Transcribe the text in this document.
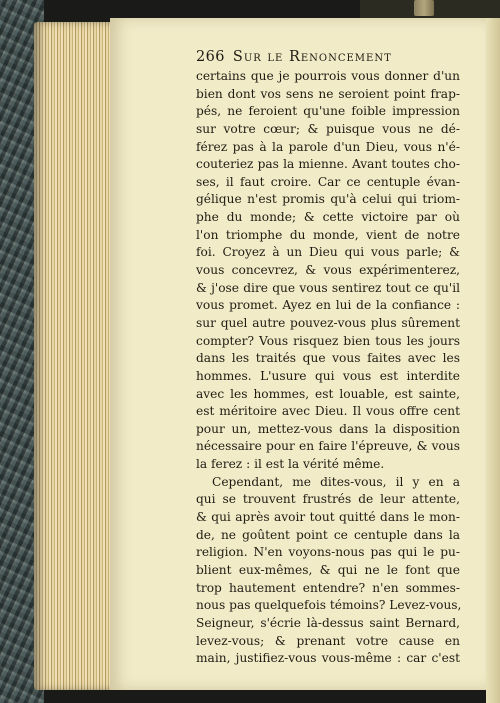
266 Sur le Renoncement
certains que je pourrois vous donner d'un
bien dont vos sens ne seroient point frap-
pés, ne feroient qu'une foible impression
sur votre cœur; & puisque vous ne dé-
férez pas à la parole d'un Dieu, vous n'é-
couteriez pas la mienne. Avant toutes cho-
ses, il faut croire. Car ce centuple évan-
gélique n'est promis qu'à celui qui triom-
phe du monde; & cette victoire par où
l'on triomphe du monde, vient de notre
foi. Croyez à un Dieu qui vous parle; &
vous concevrez, & vous expérimenterez,
& j'ose dire que vous sentirez tout ce qu'il
vous promet. Ayez en lui de la confiance :
sur quel autre pouvez-vous plus sûrement
compter? Vous risquez bien tous les jours
dans les traités que vous faites avec les
hommes. L'usure qui vous est interdite
avec les hommes, est louable, est sainte,
est méritoire avec Dieu. Il vous offre cent
pour un, mettez-vous dans la disposition
nécessaire pour en faire l'épreuve, & vous
la ferez : il est la vérité même.
Cependant, me dites-vous, il y en a
qui se trouvent frustrés de leur attente,
& qui après avoir tout quitté dans le mon-
de, ne goûtent point ce centuple dans la
religion. N'en voyons-nous pas qui le pu-
blient eux-mêmes, & qui ne le font que
trop hautement entendre? n'en sommes-
nous pas quelquefois témoins? Levez-vous,
Seigneur, s'écrie là-dessus saint Bernard,
levez-vous; & prenant votre cause en
main, justifiez-vous vous-même : car c'est
